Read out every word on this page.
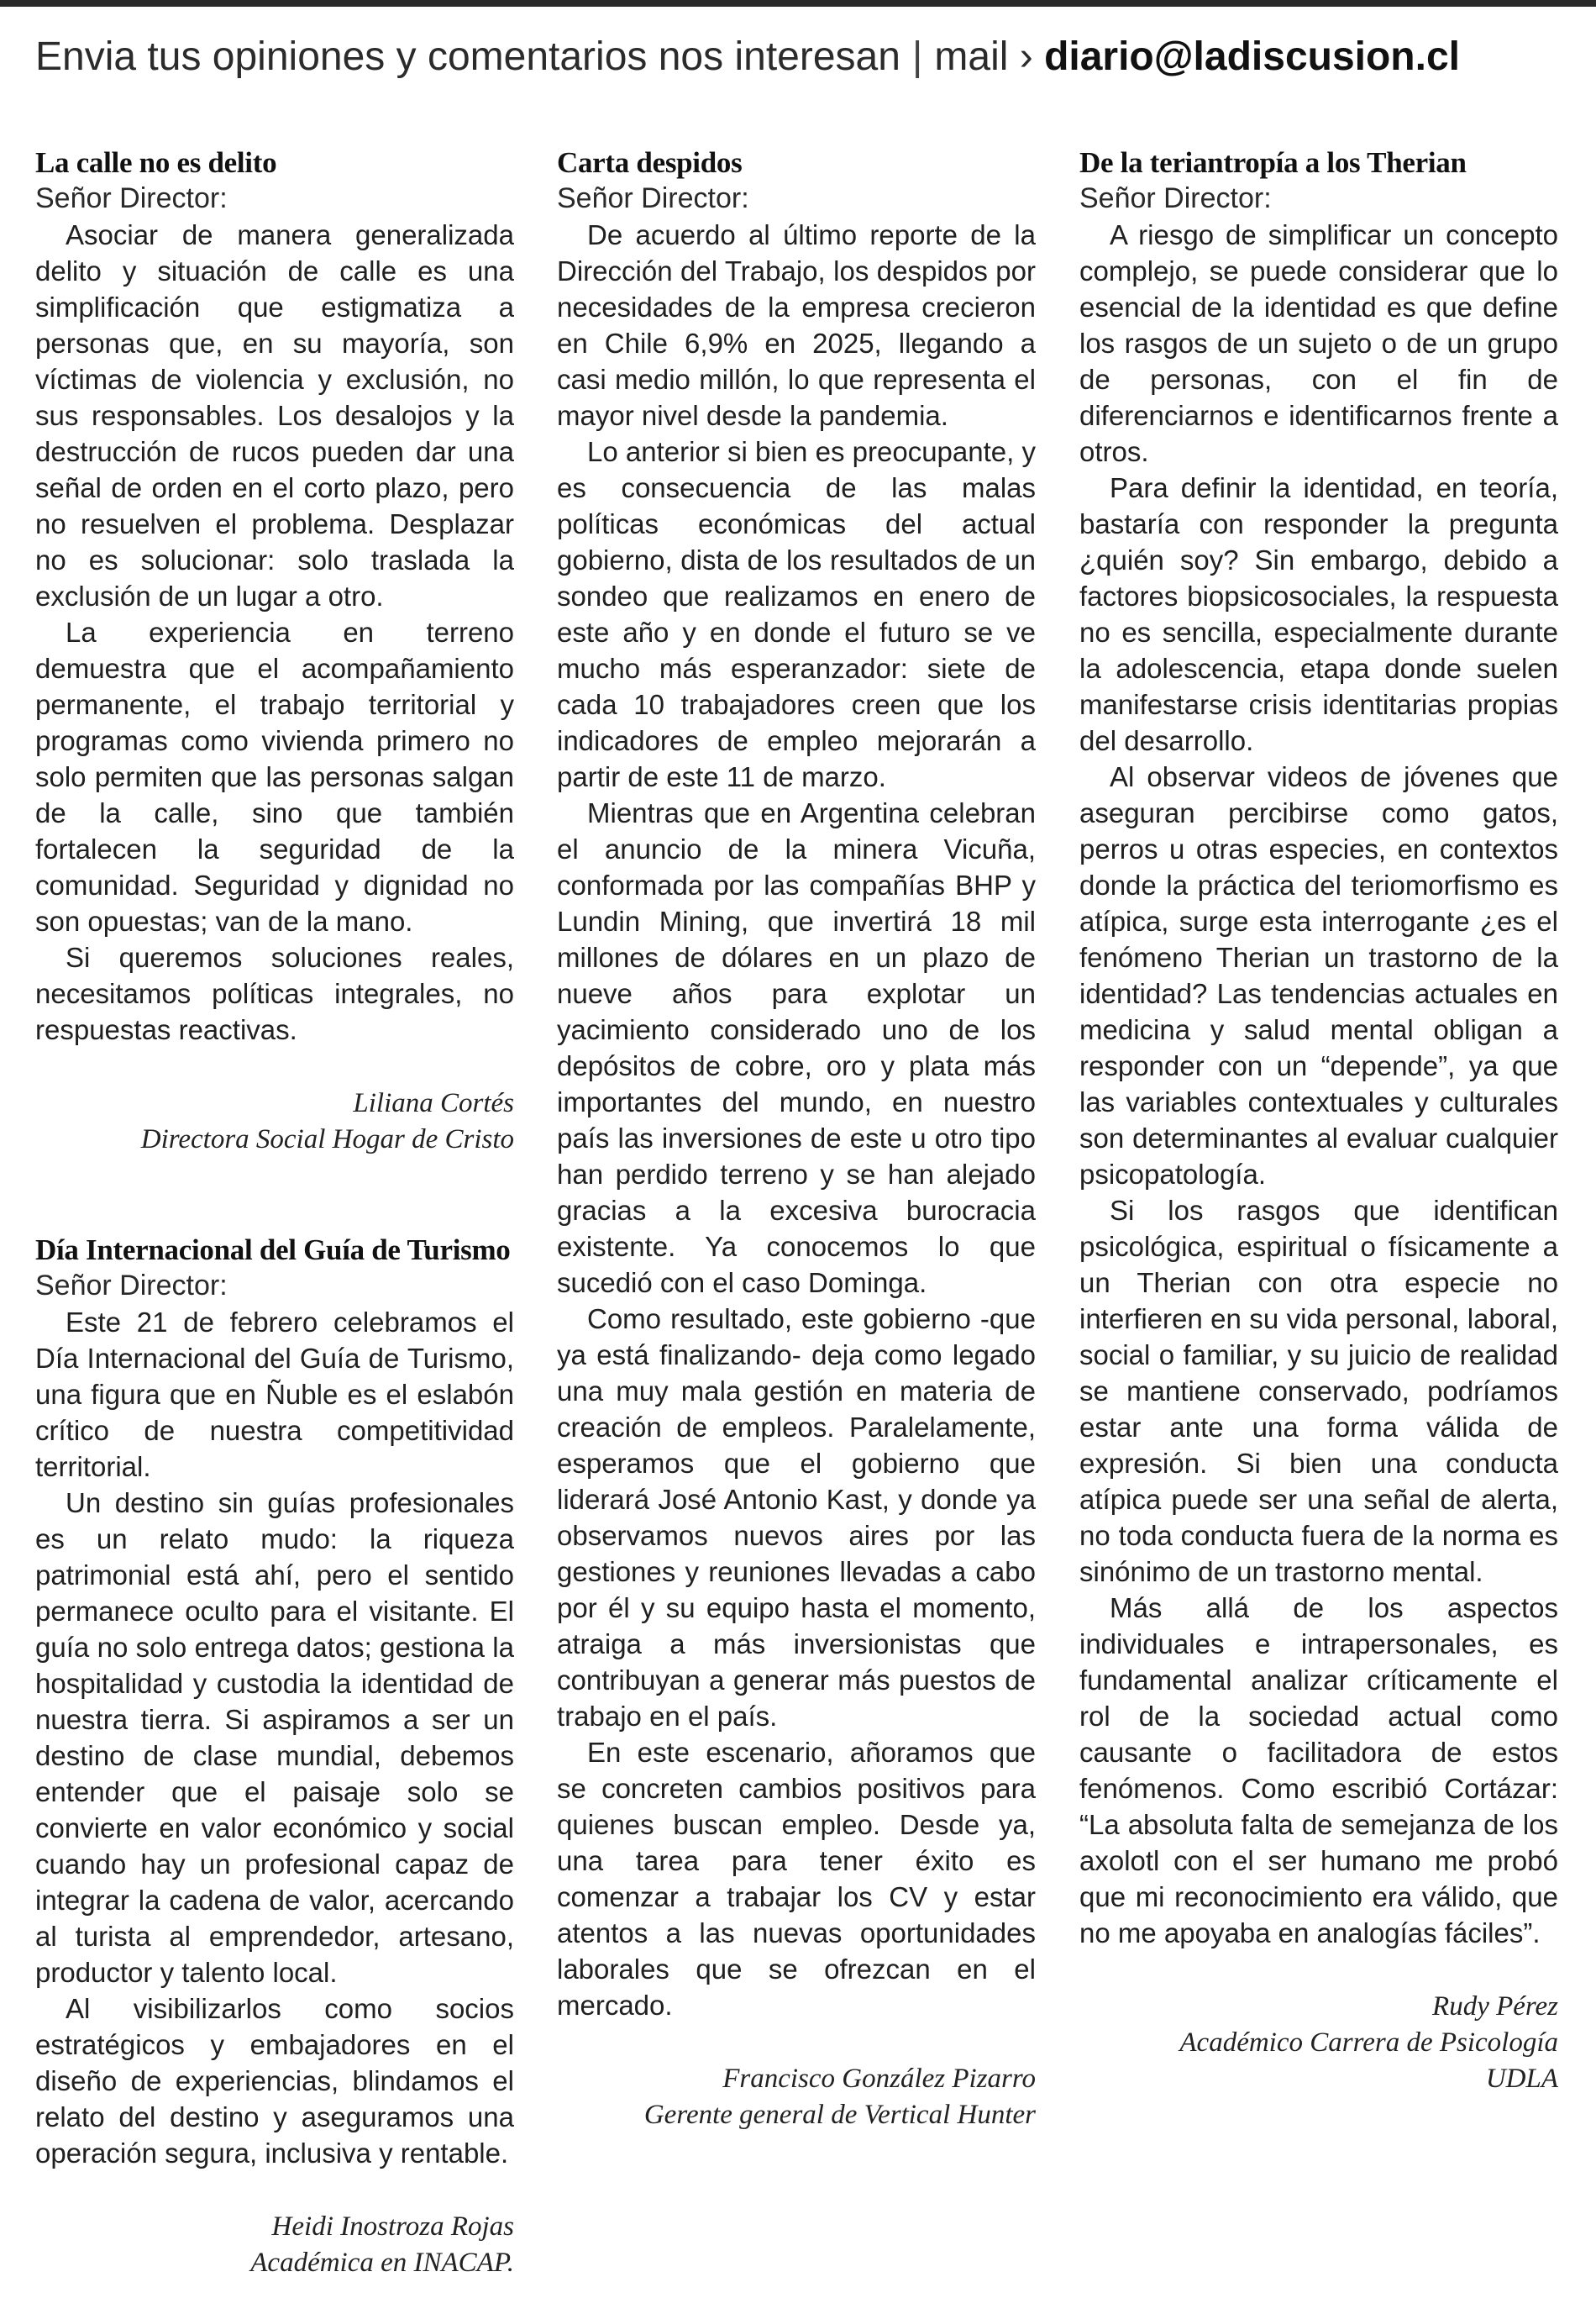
Envia tus opiniones y comentarios nos interesan | mail › diario@ladiscusion.cl
La calle no es delito
Señor Director:

Asociar de manera generalizada delito y situación de calle es una simplificación que estigmatiza a personas que, en su mayoría, son víctimas de violencia y exclusión, no sus responsables. Los desalojos y la destrucción de rucos pueden dar una señal de orden en el corto plazo, pero no resuelven el problema. Desplazar no es solucionar: solo traslada la exclusión de un lugar a otro.

La experiencia en terreno demuestra que el acompañamiento permanente, el trabajo territorial y programas como vivienda primero no solo permiten que las personas salgan de la calle, sino que también fortalecen la seguridad de la comunidad. Seguridad y dignidad no son opuestas; van de la mano.

Si queremos soluciones reales, necesitamos políticas integrales, no respuestas reactivas.

Liliana Cortés
Directora Social Hogar de Cristo
Día Internacional del Guía de Turismo
Señor Director:

Este 21 de febrero celebramos el Día Internacional del Guía de Turismo, una figura que en Ñuble es el eslabón crítico de nuestra competitividad territorial.

Un destino sin guías profesionales es un relato mudo: la riqueza patrimonial está ahí, pero el sentido permanece oculto para el visitante. El guía no solo entrega datos; gestiona la hospitalidad y custodia la identidad de nuestra tierra. Si aspiramos a ser un destino de clase mundial, debemos entender que el paisaje solo se convierte en valor económico y social cuando hay un profesional capaz de integrar la cadena de valor, acercando al turista al emprendedor, artesano, productor y talento local.

Al visibilizarlos como socios estratégicos y embajadores en el diseño de experiencias, blindamos el relato del destino y aseguramos una operación segura, inclusiva y rentable.

Heidi Inostroza Rojas
Académica en INACAP.
Carta despidos
Señor Director:

De acuerdo al último reporte de la Dirección del Trabajo, los despidos por necesidades de la empresa crecieron en Chile 6,9% en 2025, llegando a casi medio millón, lo que representa el mayor nivel desde la pandemia.

Lo anterior si bien es preocupante, y es consecuencia de las malas políticas económicas del actual gobierno, dista de los resultados de un sondeo que realizamos en enero de este año y en donde el futuro se ve mucho más esperanzador: siete de cada 10 trabajadores creen que los indicadores de empleo mejorarán a partir de este 11 de marzo.

Mientras que en Argentina celebran el anuncio de la minera Vicuña, conformada por las compañías BHP y Lundin Mining, que invertirá 18 mil millones de dólares en un plazo de nueve años para explotar un yacimiento considerado uno de los depósitos de cobre, oro y plata más importantes del mundo, en nuestro país las inversiones de este u otro tipo han perdido terreno y se han alejado gracias a la excesiva burocracia existente. Ya conocemos lo que sucedió con el caso Dominga.

Como resultado, este gobierno -que ya está finalizando- deja como legado una muy mala gestión en materia de creación de empleos. Paralelamente, esperamos que el gobierno que liderará José Antonio Kast, y donde ya observamos nuevos aires por las gestiones y reuniones llevadas a cabo por él y su equipo hasta el momento, atraiga a más inversionistas que contribuyan a generar más puestos de trabajo en el país.

En este escenario, añoramos que se concreten cambios positivos para quienes buscan empleo. Desde ya, una tarea para tener éxito es comenzar a trabajar los CV y estar atentos a las nuevas oportunidades laborales que se ofrezcan en el mercado.

Francisco González Pizarro
Gerente general de Vertical Hunter
De la teriantropía a los Therian
Señor Director:

A riesgo de simplificar un concepto complejo, se puede considerar que lo esencial de la identidad es que define los rasgos de un sujeto o de un grupo de personas, con el fin de diferenciarnos e identificarnos frente a otros.

Para definir la identidad, en teoría, bastaría con responder la pregunta ¿quién soy? Sin embargo, debido a factores biopsicosociales, la respuesta no es sencilla, especialmente durante la adolescencia, etapa donde suelen manifestarse crisis identitarias propias del desarrollo.

Al observar videos de jóvenes que aseguran percibirse como gatos, perros u otras especies, en contextos donde la práctica del teriomorfismo es atípica, surge esta interrogante ¿es el fenómeno Therian un trastorno de la identidad? Las tendencias actuales en medicina y salud mental obligan a responder con un “depende”, ya que las variables contextuales y culturales son determinantes al evaluar cualquier psicopatología.

Si los rasgos que identifican psicológica, espiritual o físicamente a un Therian con otra especie no interfieren en su vida personal, laboral, social o familiar, y su juicio de realidad se mantiene conservado, podríamos estar ante una forma válida de expresión. Si bien una conducta atípica puede ser una señal de alerta, no toda conducta fuera de la norma es sinónimo de un trastorno mental.

Más allá de los aspectos individuales e intrapersonales, es fundamental analizar críticamente el rol de la sociedad actual como causante o facilitadora de estos fenómenos. Como escribió Cortázar: “La absoluta falta de semejanza de los axolotl con el ser humano me probó que mi reconocimiento era válido, que no me apoyaba en analogías fáciles”.

Rudy Pérez
Académico Carrera de Psicología
UDLA
